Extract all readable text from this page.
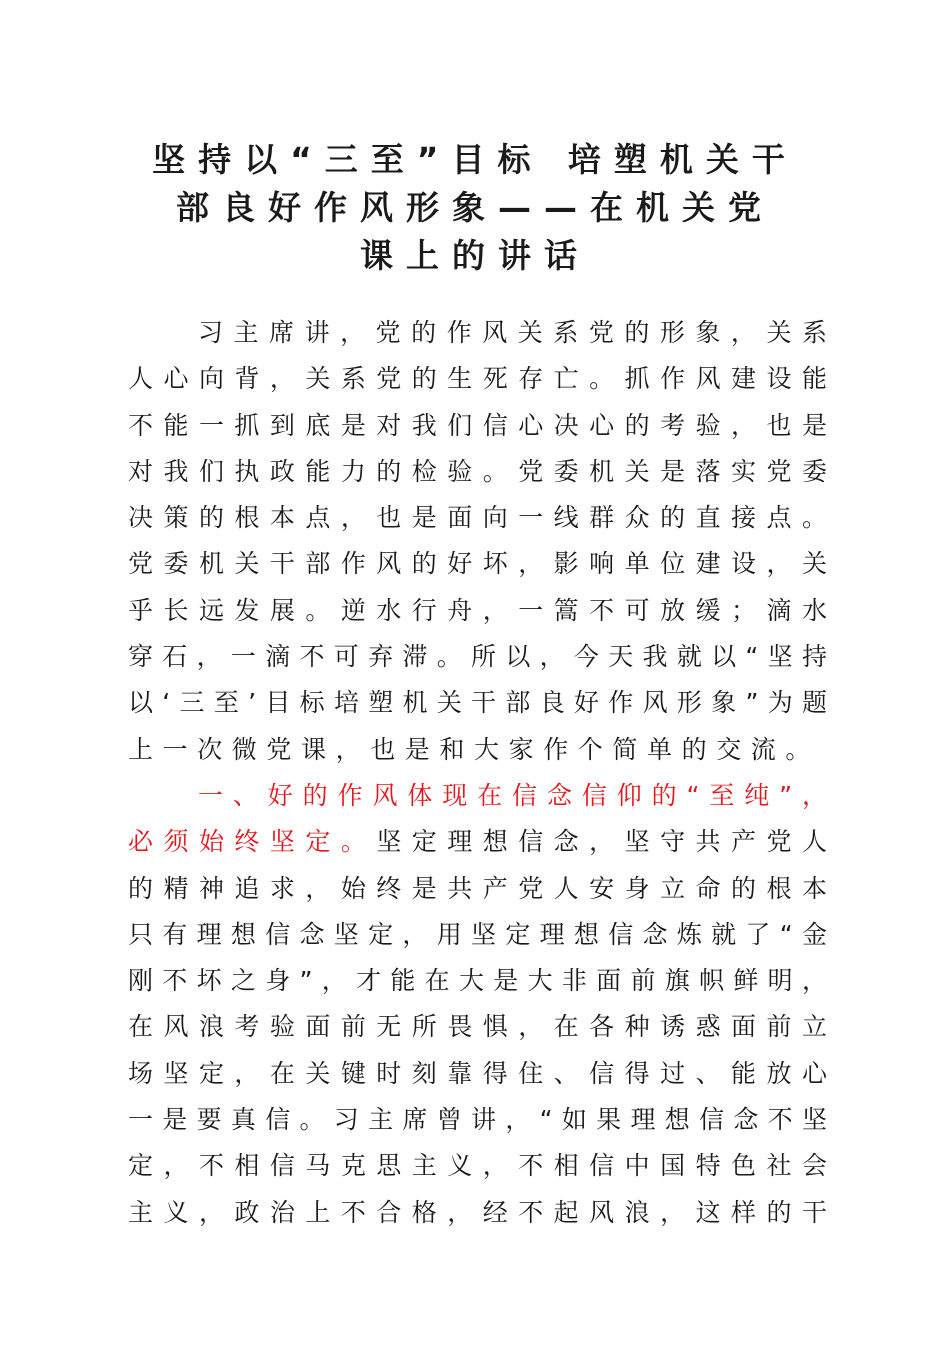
坚持以“三至”目标 培塑机关干
部良好作风形象——在机关党
课上的讲话
习主席讲，党的作风关系党的形象，关系
人心向背，关系党的生死存亡。抓作风建设能
不能一抓到底是对我们信心决心的考验，也是
对我们执政能力的检验。党委机关是落实党委
决策的根本点，也是面向一线群众的直接点。
党委机关干部作风的好坏，影响单位建设，关
乎长远发展。逆水行舟，一篙不可放缓；滴水
穿石，一滴不可弃滞。所以，今天我就以“坚持
以‘三至’目标培塑机关干部良好作风形象”为题
上一次微党课，也是和大家作个简单的交流。
一、好的作风体现在信念信仰的“至纯”，
必须始终坚定。坚定理想信念，坚守共产党人
的精神追求，始终是共产党人安身立命的根本
只有理想信念坚定，用坚定理想信念炼就了“金
刚不坏之身”，才能在大是大非面前旗帜鲜明，
在风浪考验面前无所畏惧，在各种诱惑面前立
场坚定，在关键时刻靠得住、信得过、能放心
一是要真信。习主席曾讲，“如果理想信念不坚
定，不相信马克思主义，不相信中国特色社会
主义，政治上不合格，经不起风浪，这样的干
